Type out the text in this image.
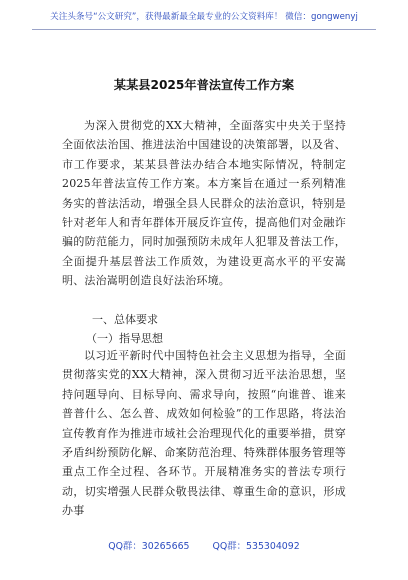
关注头条号“公文研究”，获得最新最全最专业的公文资料库！ 微信：gongwenyj
某某县2025年普法宣传工作方案

为深入贯彻党的XX大精神，全面落实中央关于坚持全面依法治国、推进法治中国建设的决策部署，以及省、市工作要求，某某县普法办结合本地实际情况，特制定2025年普法宣传工作方案。本方案旨在通过一系列精准务实的普法活动，增强全县人民群众的法治意识，特别是针对老年人和青年群体开展反诈宣传，提高他们对金融诈骗的防范能力，同时加强预防未成年人犯罪及普法工作，全面提升基层普法工作质效，为建设更高水平的平安嵩明、法治嵩明创造良好法治环境。

一、总体要求
（一）指导思想

以习近平新时代中国特色社会主义思想为指导，全面贯彻落实党的XX大精神，深入贯彻习近平法治思想，坚持问题导向、目标导向、需求导向，按照“向谁普、谁来普普什么、怎么普、成效如何检验”的工作思路，将法治宣传教育作为推进市域社会治理现代化的重要举措，贯穿矛盾纠纷预防化解、命案防范治理、特殊群体服务管理等重点工作全过程、各环节。开展精准务实的普法专项行动，切实增强人民群众敬畏法律、尊重生命的意识，形成办事

QQ群：30265665 QQ群：535304092
